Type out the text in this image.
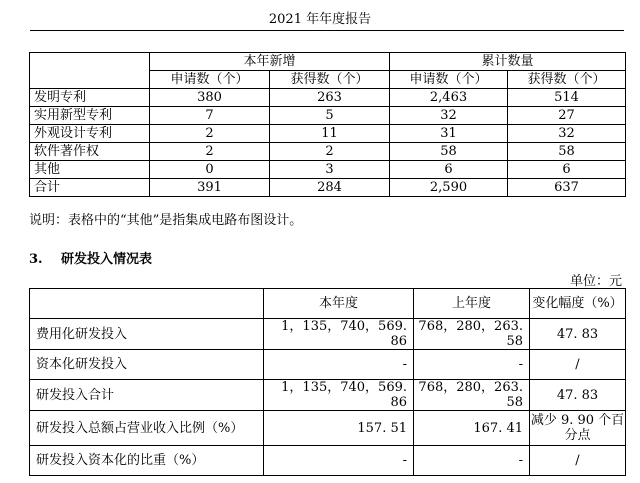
2021 年年度报告
	本年新增		累计数量	
	申请数（个）	获得数（个）	申请数（个）	获得数（个）
发明专利	380	263	2,463	514
实用新型专利	7	5	32	27
外观设计专利	2	11	31	32
软件著作权	2	2	58	58
其他	0	3	6	6
合计	391	284	2,590	637
说明：表格中的“其他”是指集成电路布图设计。
3. 研发投入情况表
单位：元
	本年度	上年度	变化幅度（%）
费用化研发投入	1，135，740，569. 86	768，280，263. 58	47. 83
资本化研发投入	-	-	/
研发投入合计	1，135，740，569. 86	768，280，263. 58	47. 83
研发投入总额占营业收入比例（%）	157. 51	167. 41	减少 9. 90 个百分点
研发投入资本化的比重（%）	-	-	/
